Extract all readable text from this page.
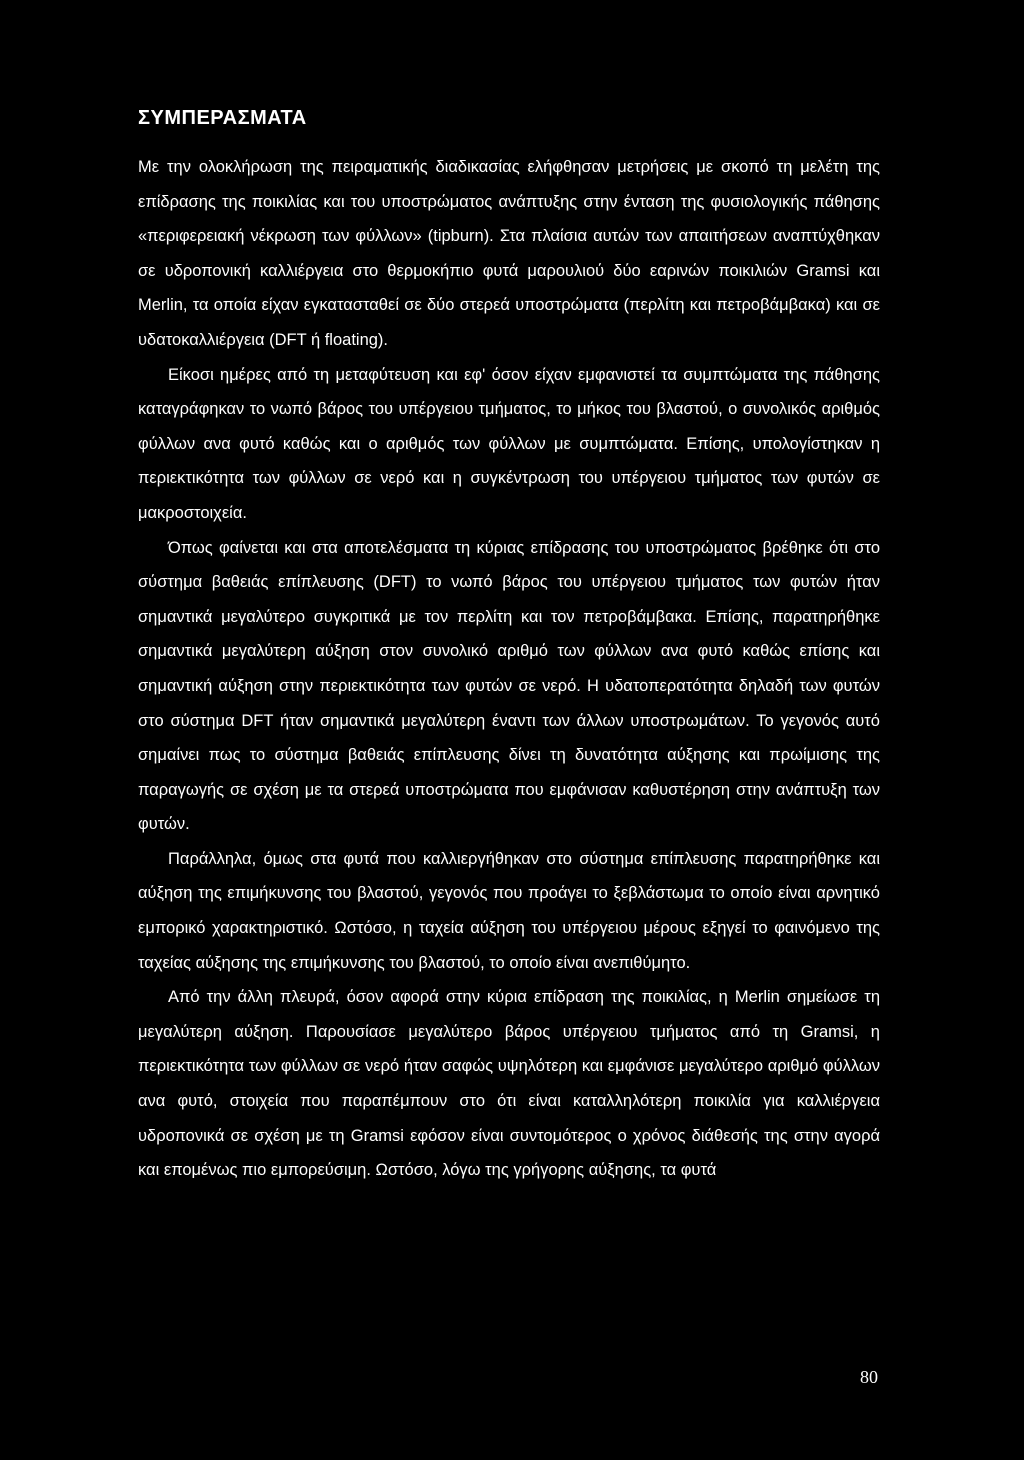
ΣΥΜΠΕΡΑΣΜΑΤΑ

Με την ολοκλήρωση της πειραματικής διαδικασίας ελήφθησαν μετρήσεις με σκοπό τη μελέτη της επίδρασης της ποικιλίας και του υποστρώματος ανάπτυξης στην ένταση της φυσιολογικής πάθησης «περιφερειακή νέκρωση των φύλλων» (tipburn). Στα πλαίσια αυτών των απαιτήσεων αναπτύχθηκαν σε υδροπονική καλλιέργεια στο θερμοκήπιο φυτά μαρουλιού δύο εαρινών ποικιλιών Gramsi και Merlin, τα οποία είχαν εγκατασταθεί σε δύο στερεά υποστρώματα (περλίτη και πετροβάμβακα) και σε υδατοκαλλιέργεια (DFT ή floating).

Είκοσι ημέρες από τη μεταφύτευση και εφ' όσον είχαν εμφανιστεί τα συμπτώματα της πάθησης καταγράφηκαν το νωπό βάρος του υπέργειου τμήματος, το μήκος του βλαστού, ο συνολικός αριθμός φύλλων ανα φυτό καθώς και ο αριθμός των φύλλων με συμπτώματα. Επίσης, υπολογίστηκαν η περιεκτικότητα των φύλλων σε νερό και η συγκέντρωση του υπέργειου τμήματος των φυτών σε μακροστοιχεία.

Όπως φαίνεται και στα αποτελέσματα τη κύριας επίδρασης του υποστρώματος βρέθηκε ότι στο σύστημα βαθειάς επίπλευσης (DFT) το νωπό βάρος του υπέργειου τμήματος των φυτών ήταν σημαντικά μεγαλύτερο συγκριτικά με τον περλίτη και τον πετροβάμβακα. Επίσης, παρατηρήθηκε σημαντικά μεγαλύτερη αύξηση στον συνολικό αριθμό των φύλλων ανα φυτό καθώς επίσης και σημαντική αύξηση στην περιεκτικότητα των φυτών σε νερό. Η υδατοπερατότητα δηλαδή των φυτών στο σύστημα DFT ήταν σημαντικά μεγαλύτερη έναντι των άλλων υποστρωμάτων. Το γεγονός αυτό σημαίνει πως το σύστημα βαθειάς επίπλευσης δίνει τη δυνατότητα αύξησης και πρωίμισης της παραγωγής σε σχέση με τα στερεά υποστρώματα που εμφάνισαν καθυστέρηση στην ανάπτυξη των φυτών.

Παράλληλα, όμως στα φυτά που καλλιεργήθηκαν στο σύστημα επίπλευσης παρατηρήθηκε και αύξηση της επιμήκυνσης του βλαστού, γεγονός που προάγει το ξεβλάστωμα το οποίο είναι αρνητικό εμπορικό χαρακτηριστικό. Ωστόσο, η ταχεία αύξηση του υπέργειου μέρους εξηγεί το φαινόμενο της ταχείας αύξησης της επιμήκυνσης του βλαστού, το οποίο είναι ανεπιθύμητο.

Από την άλλη πλευρά, όσον αφορά στην κύρια επίδραση της ποικιλίας, η Merlin σημείωσε τη μεγαλύτερη αύξηση. Παρουσίασε μεγαλύτερο βάρος υπέργειου τμήματος από τη Gramsi, η περιεκτικότητα των φύλλων σε νερό ήταν σαφώς υψηλότερη και εμφάνισε μεγαλύτερο αριθμό φύλλων ανα φυτό, στοιχεία που παραπέμπουν στο ότι είναι καταλληλότερη ποικιλία για καλλιέργεια υδροπονικά σε σχέση με τη Gramsi εφόσον είναι συντομότερος ο χρόνος διάθεσής της στην αγορά και επομένως πιο εμπορεύσιμη. Ωστόσο, λόγω της γρήγορης αύξησης, τα φυτά

80
